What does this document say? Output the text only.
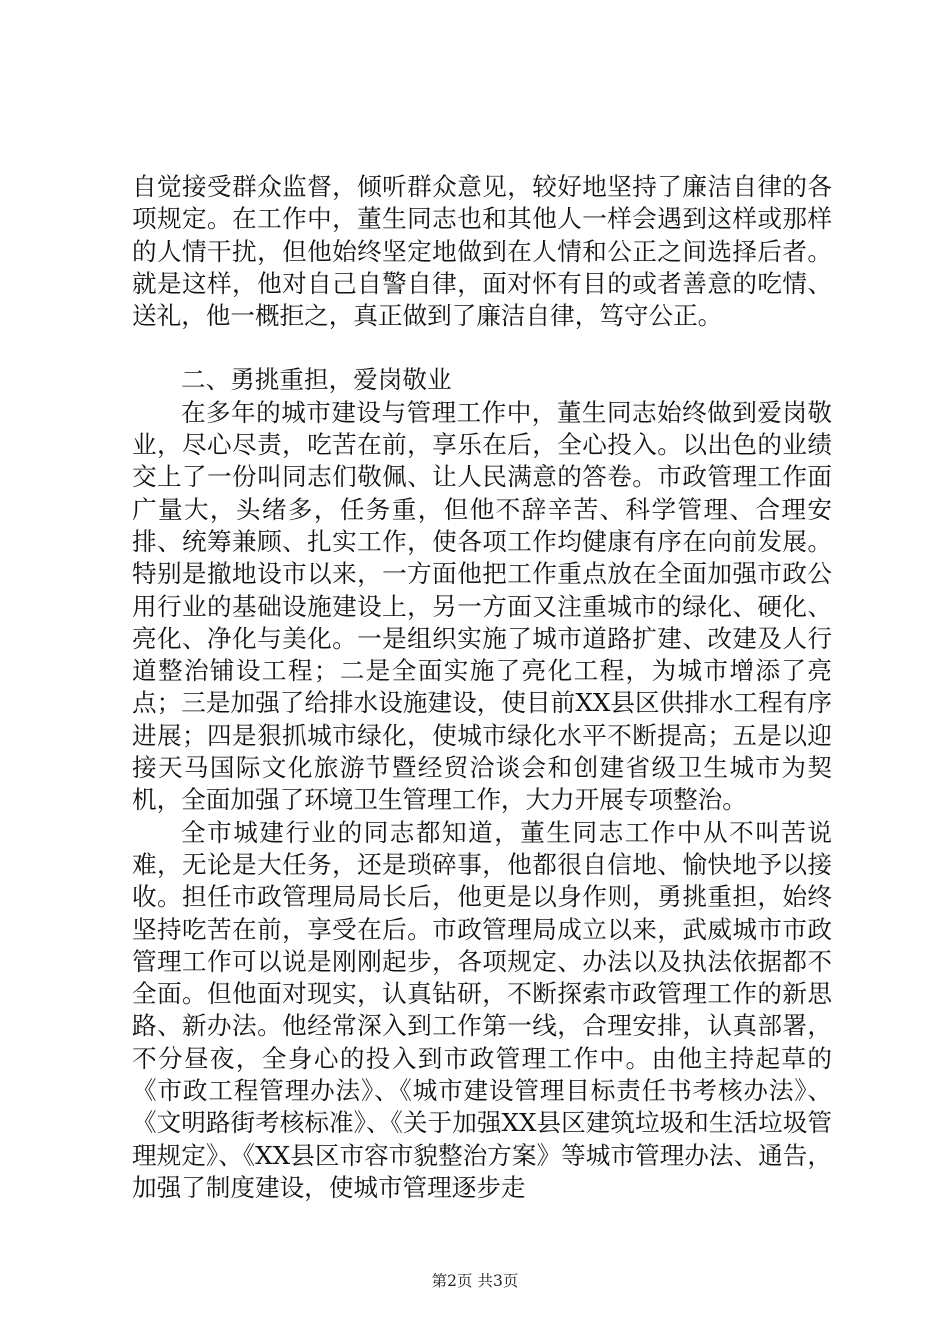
自觉接受群众监督，倾听群众意见，较好地坚持了廉洁自律的各项规定。在工作中，董生同志也和其他人一样会遇到这样或那样的人情干扰，但他始终坚定地做到在人情和公正之间选择后者。就是这样，他对自己自警自律，面对怀有目的或者善意的吃情、送礼，他一概拒之，真正做到了廉洁自律，笃守公正。

二、勇挑重担，爱岗敬业

在多年的城市建设与管理工作中，董生同志始终做到爱岗敬业，尽心尽责，吃苦在前，享乐在后，全心投入。以出色的业绩交上了一份叫同志们敬佩、让人民满意的答卷。市政管理工作面广量大，头绪多，任务重，但他不辞辛苦、科学管理、合理安排、统筹兼顾、扎实工作，使各项工作均健康有序在向前发展。特别是撤地设市以来，一方面他把工作重点放在全面加强市政公用行业的基础设施建设上，另一方面又注重城市的绿化、硬化、亮化、净化与美化。一是组织实施了城市道路扩建、改建及人行道整治铺设工程；二是全面实施了亮化工程，为城市增添了亮点；三是加强了给排水设施建设，使目前XX县区供排水工程有序进展；四是狠抓城市绿化，使城市绿化水平不断提高；五是以迎接天马国际文化旅游节暨经贸洽谈会和创建省级卫生城市为契机，全面加强了环境卫生管理工作，大力开展专项整治。

全市城建行业的同志都知道，董生同志工作中从不叫苦说难，无论是大任务，还是琐碎事，他都很自信地、愉快地予以接收。担任市政管理局局长后，他更是以身作则，勇挑重担，始终坚持吃苦在前，享受在后。市政管理局成立以来，武威城市市政管理工作可以说是刚刚起步，各项规定、办法以及执法依据都不全面。但他面对现实，认真钻研，不断探索市政管理工作的新思路、新办法。他经常深入到工作第一线，合理安排，认真部署，不分昼夜，全身心的投入到市政管理工作中。由他主持起草的《市政工程管理办法》、《城市建设管理目标责任书考核办法》、《文明路街考核标准》、《关于加强XX县区建筑垃圾和生活垃圾管理规定》、《XX县区市容市貌整治方案》等城市管理办法、通告，加强了制度建设，使城市管理逐步走

第2页 共3页
